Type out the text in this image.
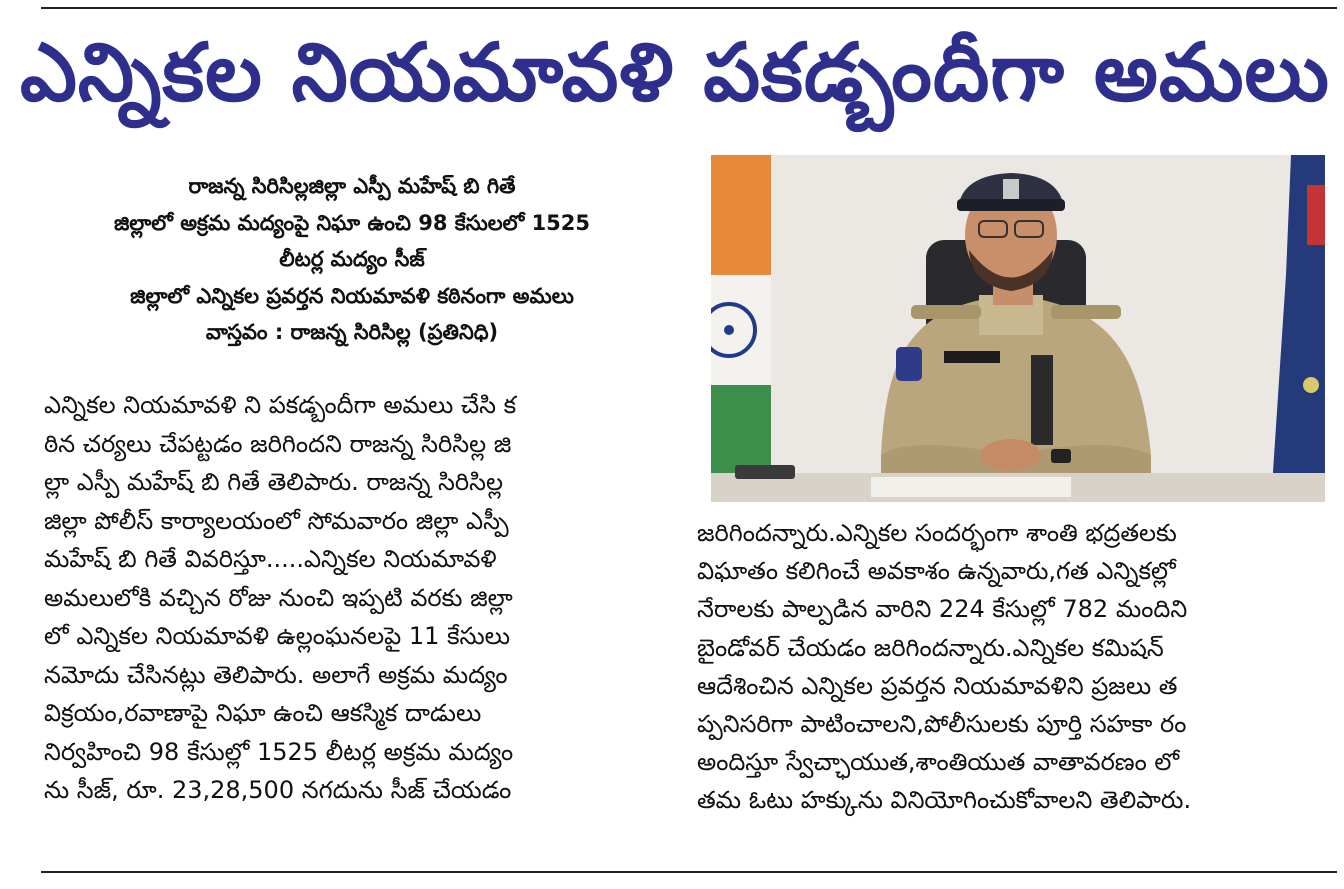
ఎన్నికల నియమావళి పకడ్బందీగా అమలు
రాజన్న సిరిసిల్లజిల్లా ఎస్పీ మహేష్ బి గితే
జిల్లాలో అక్రమ మద్యంపై నిఘా ఉంచి 98 కేసులలో 1525
లీటర్ల మద్యం సీజ్
జిల్లాలో ఎన్నికల ప్రవర్తన నియమావళి కఠినంగా అమలు
వాస్తవం : రాజన్న సిరిసిల్ల (ప్రతినిధి)
ఎన్నికల నియమావళి ని పకడ్బందీగా అమలు చేసి క
ఠిన చర్యలు చేపట్టడం జరిగిందని రాజన్న సిరిసిల్ల జి
ల్లా ఎస్పీ మహేష్ బి గితే తెలిపారు. రాజన్న సిరిసిల్ల
జిల్లా పోలీస్ కార్యాలయంలో సోమవారం జిల్లా ఎస్పీ
మహేష్ బి గితే వివరిస్తూ.....ఎన్నికల నియమావళి
అమలులోకి వచ్చిన రోజు నుంచి ఇప్పటి వరకు జిల్లా
లో ఎన్నికల నియమావళి ఉల్లంఘనలపై 11 కేసులు
నమోదు చేసినట్లు తెలిపారు. అలాగే అక్రమ మద్యం
విక్రయం,రవాణాపై నిఘా ఉంచి ఆకస్మిక దాడులు
నిర్వహించి 98 కేసుల్లో 1525 లీటర్ల అక్రమ మద్యం
ను సీజ్, రూ. 23,28,500 నగదును సీజ్ చేయడం
జరిగిందన్నారు.ఎన్నికల సందర్భంగా శాంతి భద్రతలకు
విఘాతం కలిగించే అవకాశం ఉన్నవారు,గత ఎన్నికల్లో
నేరాలకు పాల్పడిన వారిని 224 కేసుల్లో 782 మందిని
బైండోవర్ చేయడం జరిగిందన్నారు.ఎన్నికల కమిషన్
ఆదేశించిన ఎన్నికల ప్రవర్తన నియమావళిని ప్రజలు త
ప్పనిసరిగా పాటించాలని,పోలీసులకు పూర్తి సహకా రం
అందిస్తూ స్వేచ్ఛాయుత,శాంతియుత వాతావరణం లో
తమ ఓటు హక్కును వినియోగించుకోవాలని తెలిపారు.
